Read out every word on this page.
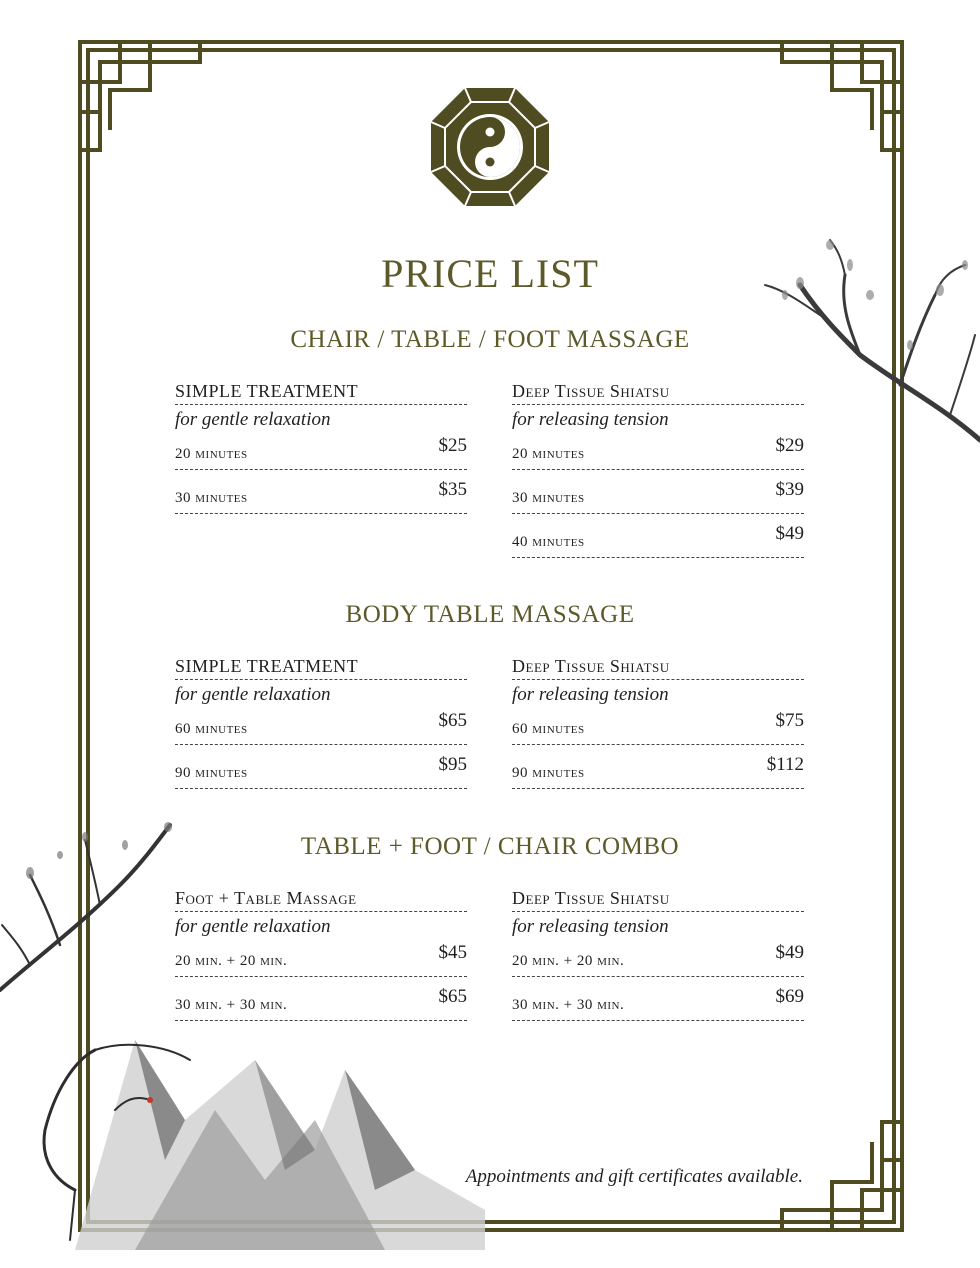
PRICE LIST
CHAIR / TABLE / FOOT MASSAGE
SIMPLE TREATMENT
for gentle relaxation
20 minutes	$25
30 minutes	$35
Deep Tissue Shiatsu
for releasing tension
20 minutes	$29
30 minutes	$39
40 minutes	$49
BODY TABLE MASSAGE
SIMPLE TREATMENT
for gentle relaxation
60 minutes	$65
90 minutes	$95
Deep Tissue Shiatsu
for releasing tension
60 minutes	$75
90 minutes	$112
TABLE + FOOT / CHAIR COMBO
Foot + Table Massage
for gentle relaxation
20 min. + 20 min.	$45
30 min. + 30 min.	$65
Deep Tissue Shiatsu
for releasing tension
20 min. + 20 min.	$49
30 min. + 30 min.	$69
Appointments and gift certificates available.
